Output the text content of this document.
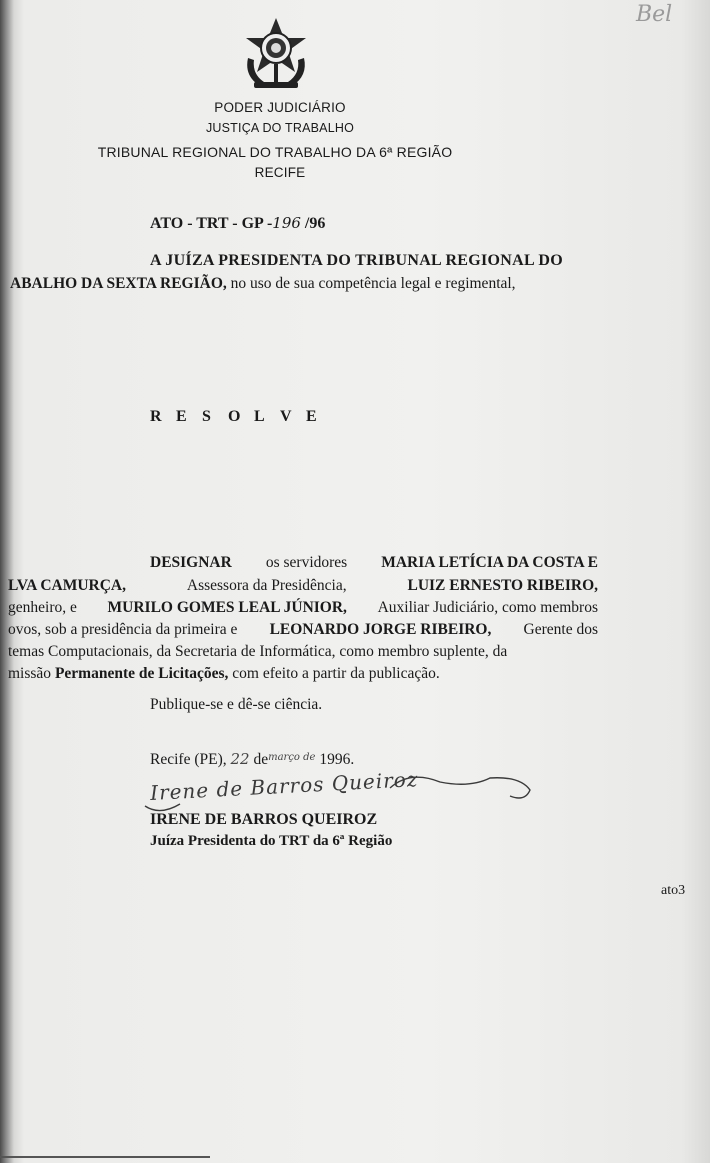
Bel
PODER JUDICIÁRIO
JUSTIÇA DO TRABALHO
TRIBUNAL REGIONAL DO TRABALHO DA 6ª REGIÃO
RECIFE
ATO - TRT - GP -196 /96
A JUÍZA PRESIDENTA DO TRIBUNAL REGIONAL DO
ABALHO DA SEXTA REGIÃO, no uso de sua competência legal e regimental,
R E S O L V E
DESIGNAR os servidores MARIA LETÍCIA DA COSTA E
LVA CAMURÇA,	Assessora da Presidência,	LUIZ ERNESTO RIBEIRO,
genheiro, e MURILO GOMES LEAL JÚNIOR, Auxiliar Judiciário, como membros
ovos, sob a presidência da primeira e LEONARDO JORGE RIBEIRO, Gerente dos
temas Computacionais, da Secretaria de Informática, como membro suplente, da
missão Permanente de Licitações, com efeito a partir da publicação.
Publique-se e dê-se ciência.
Recife (PE), 22 $de^{março de}$ 1996.
Irene de Barros Queiroz
IRENE DE BARROS QUEIROZ
Juíza Presidenta do TRT da 6ª Região
ato3
